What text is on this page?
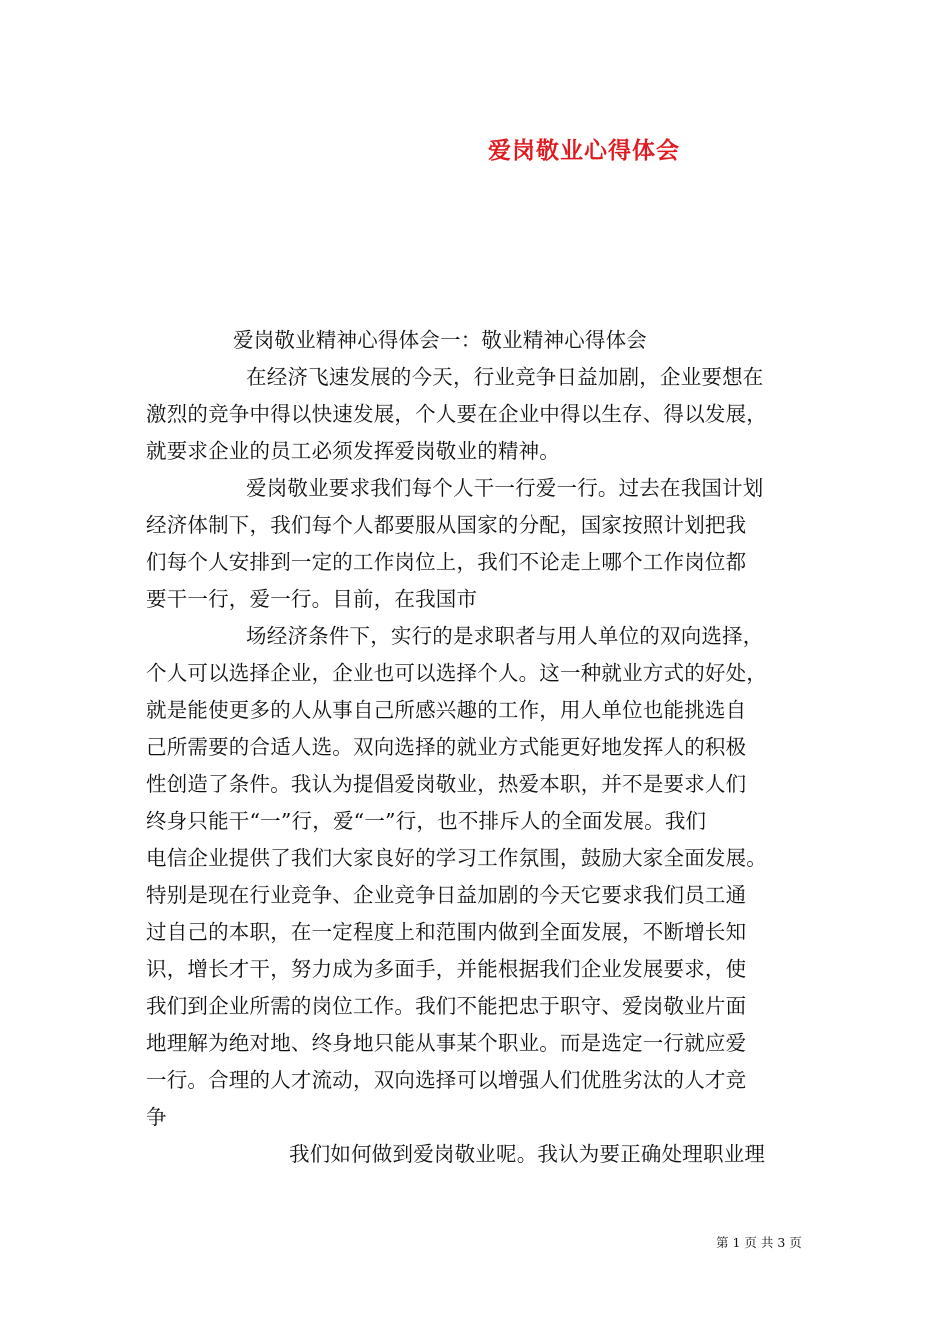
爱岗敬业心得体会
爱岗敬业精神心得体会一：敬业精神心得体会
在经济飞速发展的今天，行业竞争日益加剧，企业要想在
激烈的竞争中得以快速发展，个人要在企业中得以生存、得以发展，
就要求企业的员工必须发挥爱岗敬业的精神。
爱岗敬业要求我们每个人干一行爱一行。过去在我国计划
经济体制下，我们每个人都要服从国家的分配，国家按照计划把我
们每个人安排到一定的工作岗位上，我们不论走上哪个工作岗位都
要干一行，爱一行。目前，在我国市
场经济条件下，实行的是求职者与用人单位的双向选择，
个人可以选择企业，企业也可以选择个人。这一种就业方式的好处，
就是能使更多的人从事自己所感兴趣的工作，用人单位也能挑选自
己所需要的合适人选。双向选择的就业方式能更好地发挥人的积极
性创造了条件。我认为提倡爱岗敬业，热爱本职，并不是要求人们
终身只能干“一”行，爱“一”行，也不排斥人的全面发展。我们
电信企业提供了我们大家良好的学习工作氛围，鼓励大家全面发展。
特别是现在行业竞争、企业竞争日益加剧的今天它要求我们员工通
过自己的本职，在一定程度上和范围内做到全面发展，不断增长知
识，增长才干，努力成为多面手，并能根据我们企业发展要求，使
我们到企业所需的岗位工作。我们不能把忠于职守、爱岗敬业片面
地理解为绝对地、终身地只能从事某个职业。而是选定一行就应爱
一行。合理的人才流动，双向选择可以增强人们优胜劣汰的人才竞
争
我们如何做到爱岗敬业呢。我认为要正确处理职业理
第 1 页 共 3 页
